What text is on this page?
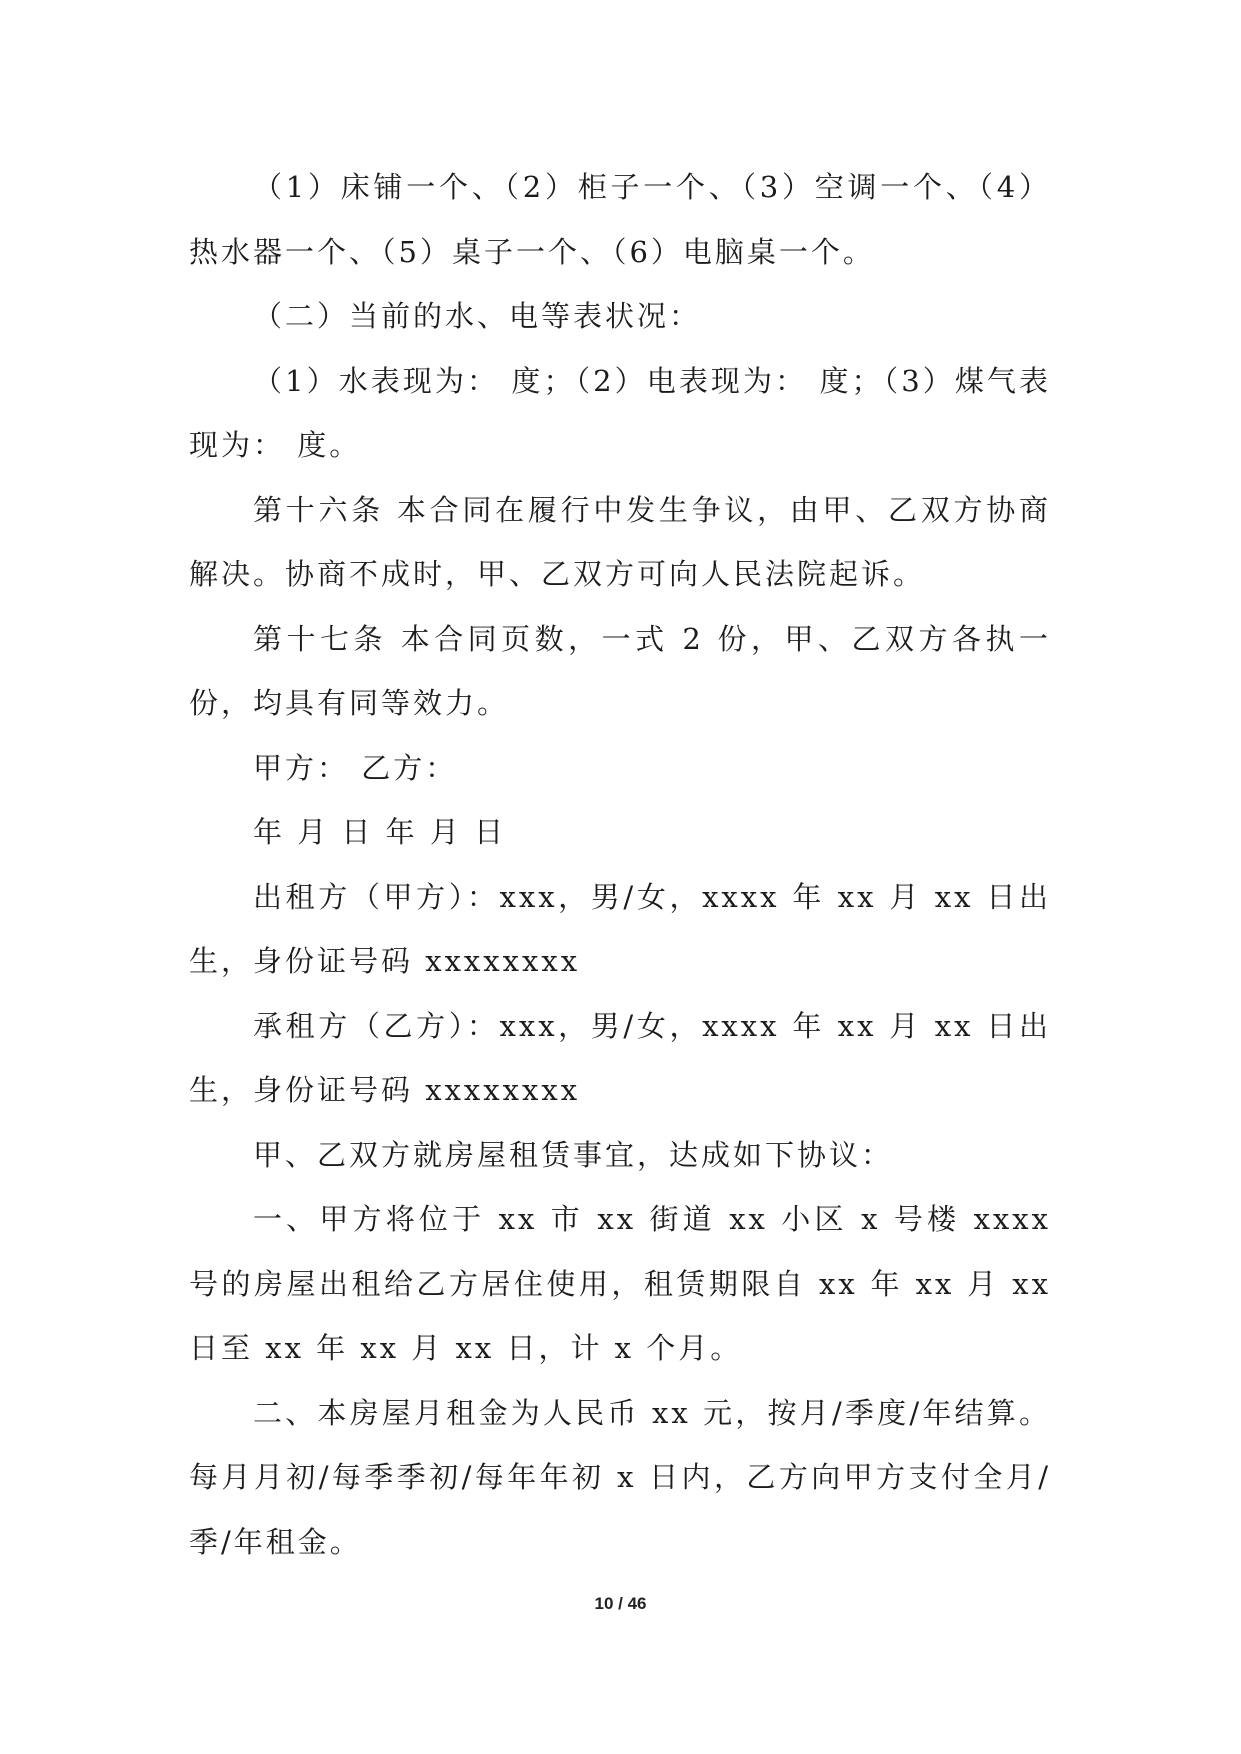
（1）床铺一个、（2）柜子一个、（3）空调一个、（4）热水器一个、（5）桌子一个、（6）电脑桌一个。

（二）当前的水、电等表状况：

（1）水表现为： 度；（2）电表现为： 度；（3）煤气表现为： 度。

第十六条 本合同在履行中发生争议，由甲、乙双方协商解决。协商不成时，甲、乙双方可向人民法院起诉。

第十七条 本合同页数，一式 2 份，甲、乙双方各执一份，均具有同等效力。

甲方： 乙方：

年 月 日 年 月 日

出租方（甲方）：xxx，男/女，xxxx 年 xx 月 xx 日出生，身份证号码 xxxxxxxx

承租方（乙方）：xxx，男/女，xxxx 年 xx 月 xx 日出生，身份证号码 xxxxxxxx

甲、乙双方就房屋租赁事宜，达成如下协议：

一、甲方将位于 xx 市 xx 街道 xx 小区 x 号楼 xxxx 号的房屋出租给乙方居住使用，租赁期限自 xx 年 xx 月 xx 日至 xx 年 xx 月 xx 日，计 x 个月。

二、本房屋月租金为人民币 xx 元，按月/季度/年结算。每月月初/每季季初/每年年初 x 日内，乙方向甲方支付全月/季/年租金。

10 / 46
